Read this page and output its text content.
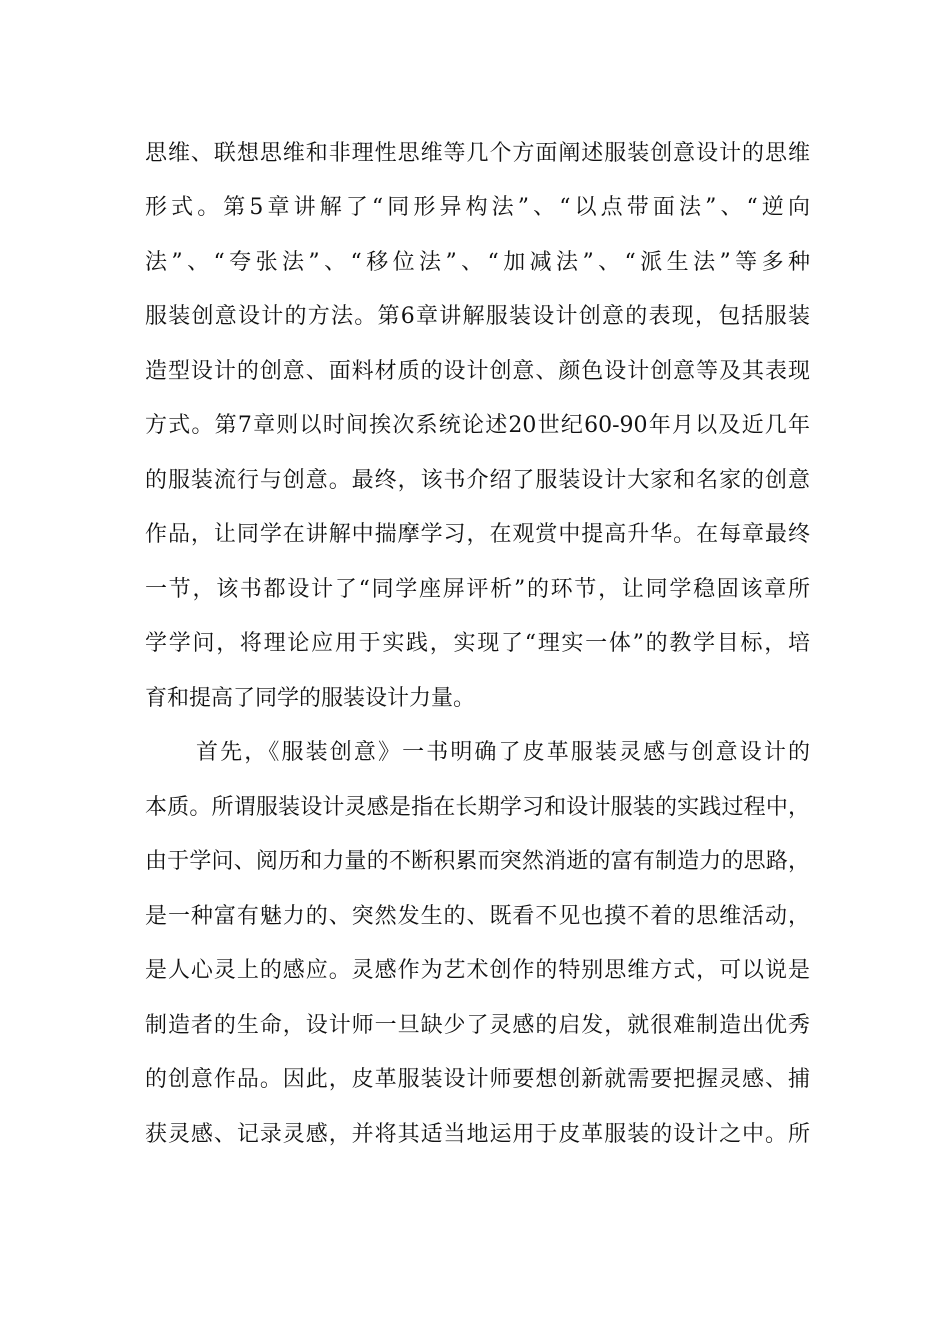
思维、联想思维和非理性思维等几个方面阐述服装创意设计的思维
形式。第5章讲解了“同形异构法”、“以点带面法”、“逆向
法”、“夸张法”、“移位法”、“加减法”、“派生法”等多种
服装创意设计的方法。第6章讲解服装设计创意的表现，包括服装
造型设计的创意、面料材质的设计创意、颜色设计创意等及其表现
方式。第7章则以时间挨次系统论述20世纪60-90年月以及近几年
的服装流行与创意。最终，该书介绍了服装设计大家和名家的创意
作品，让同学在讲解中揣摩学习，在观赏中提高升华。在每章最终
一节，该书都设计了“同学座屏评析”的环节，让同学稳固该章所
学学问，将理论应用于实践，实现了“理实一体”的教学目标，培
育和提高了同学的服装设计力量。
首先，《服装创意》一书明确了皮革服装灵感与创意设计的
本质。所谓服装设计灵感是指在长期学习和设计服装的实践过程中，
由于学问、阅历和力量的不断积累而突然消逝的富有制造力的思路，
是一种富有魅力的、突然发生的、既看不见也摸不着的思维活动，
是人心灵上的感应。灵感作为艺术创作的特别思维方式，可以说是
制造者的生命，设计师一旦缺少了灵感的启发，就很难制造出优秀
的创意作品。因此，皮革服装设计师要想创新就需要把握灵感、捕
获灵感、记录灵感，并将其适当地运用于皮革服装的设计之中。所
